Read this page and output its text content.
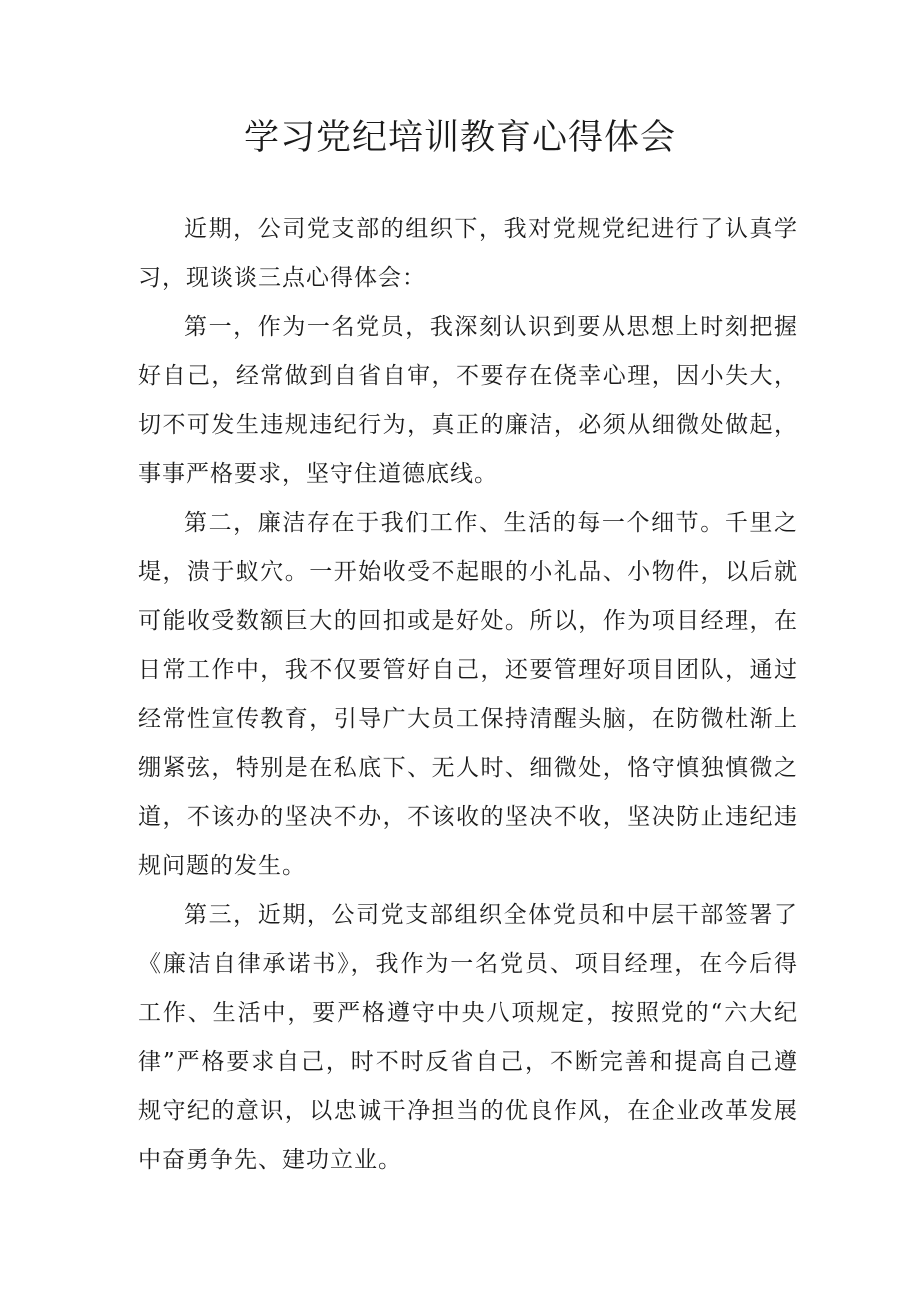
学习党纪培训教育心得体会

近期，公司党支部的组织下，我对党规党纪进行了认真学习，现谈谈三点心得体会：

第一，作为一名党员，我深刻认识到要从思想上时刻把握好自己，经常做到自省自审，不要存在侥幸心理，因小失大，切不可发生违规违纪行为，真正的廉洁，必须从细微处做起，事事严格要求，坚守住道德底线。

第二，廉洁存在于我们工作、生活的每一个细节。千里之堤，溃于蚁穴。一开始收受不起眼的小礼品、小物件，以后就可能收受数额巨大的回扣或是好处。所以，作为项目经理，在日常工作中，我不仅要管好自己，还要管理好项目团队，通过经常性宣传教育，引导广大员工保持清醒头脑，在防微杜渐上绷紧弦，特别是在私底下、无人时、细微处，恪守慎独慎微之道，不该办的坚决不办，不该收的坚决不收，坚决防止违纪违规问题的发生。

第三，近期，公司党支部组织全体党员和中层干部签署了《廉洁自律承诺书》，我作为一名党员、项目经理，在今后得工作、生活中，要严格遵守中央八项规定，按照党的“六大纪律”严格要求自己，时不时反省自己，不断完善和提高自己遵规守纪的意识，以忠诚干净担当的优良作风，在企业改革发展中奋勇争先、建功立业。
